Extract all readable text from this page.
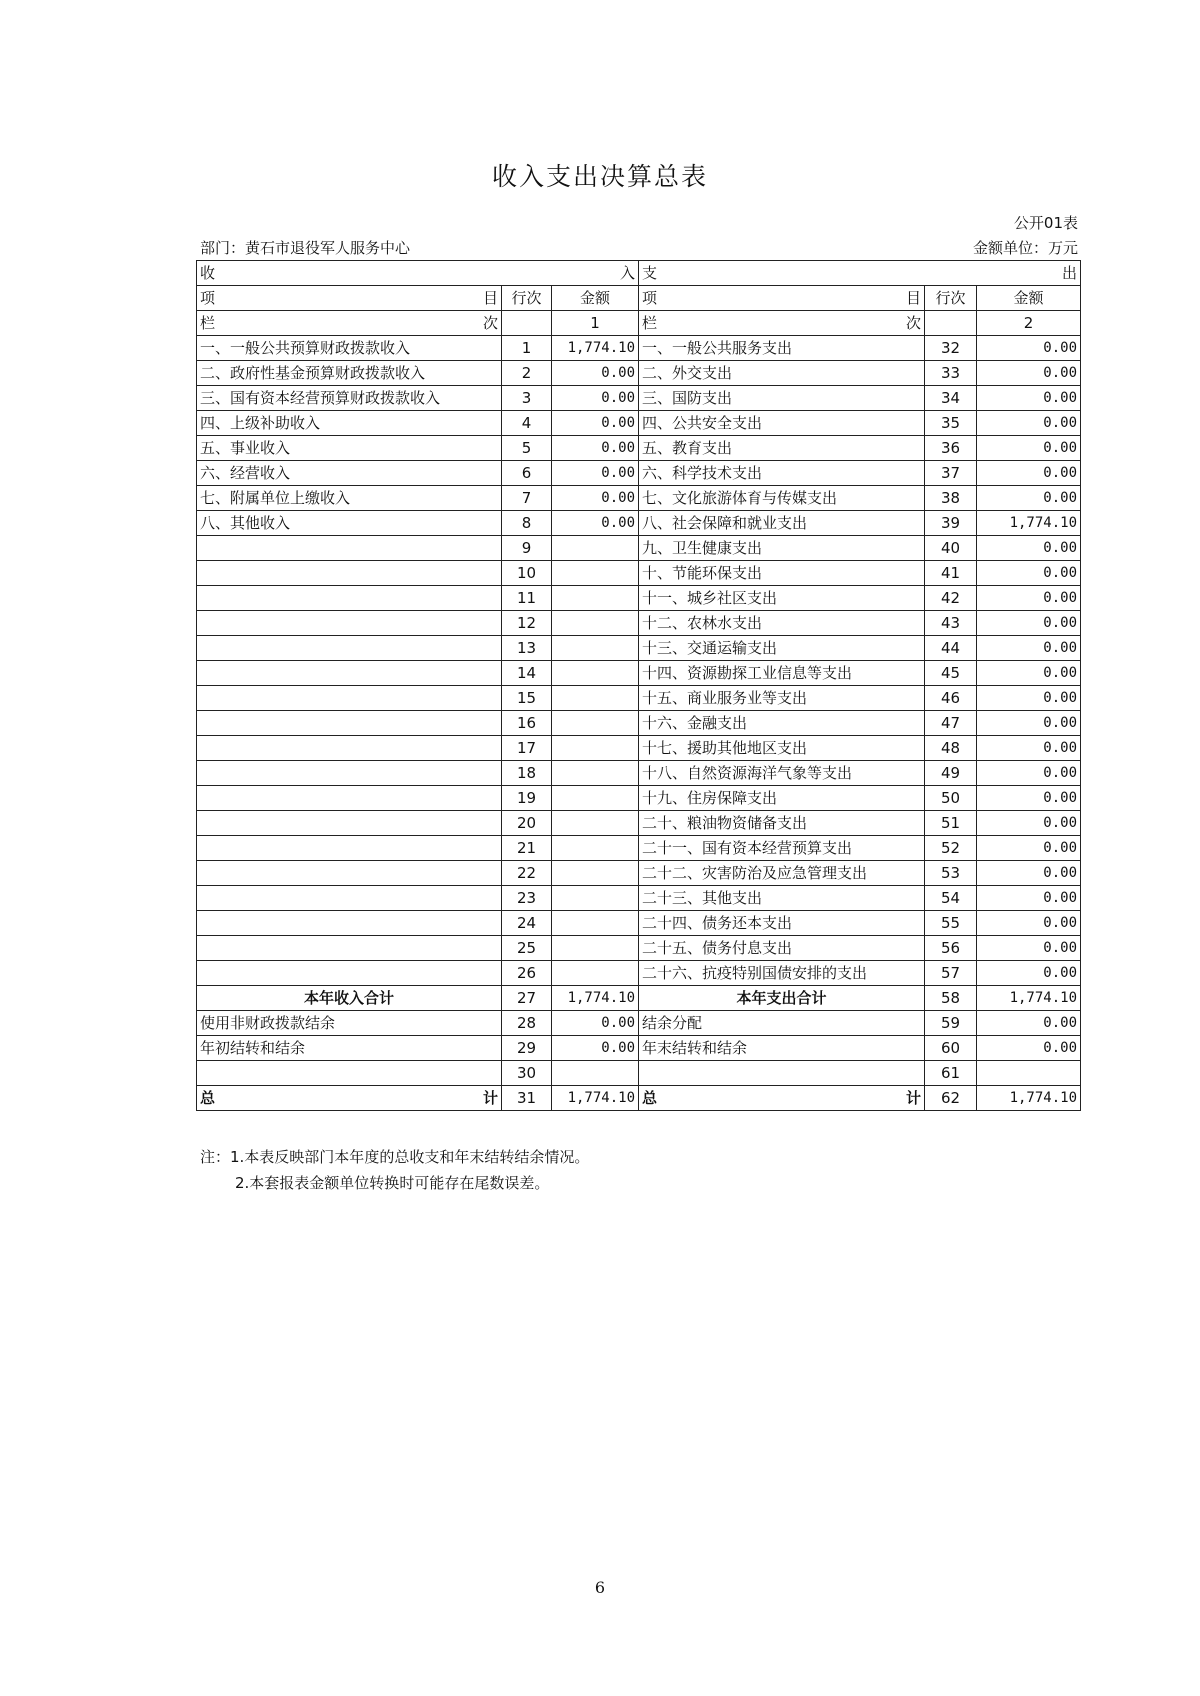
收入支出决算总表
公开01表
部门：黄石市退役军人服务中心	金额单位：万元
收 入			支 出		

项 目	行次	金额	项 目	行次	金额

栏 次		1	栏 次		2
一、一般公共预算财政拨款收入	1	1,774.10	一、一般公共服务支出	32	0.00
二、政府性基金预算财政拨款收入	2	0.00	二、外交支出	33	0.00
三、国有资本经营预算财政拨款收入	3	0.00	三、国防支出	34	0.00
四、上级补助收入	4	0.00	四、公共安全支出	35	0.00
五、事业收入	5	0.00	五、教育支出	36	0.00
六、经营收入	6	0.00	六、科学技术支出	37	0.00
七、附属单位上缴收入	7	0.00	七、文化旅游体育与传媒支出	38	0.00
八、其他收入	8	0.00	八、社会保障和就业支出	39	1,774.10
	9		九、卫生健康支出	40	0.00
	10		十、节能环保支出	41	0.00
	11		十一、城乡社区支出	42	0.00
	12		十二、农林水支出	43	0.00
	13		十三、交通运输支出	44	0.00
	14		十四、资源勘探工业信息等支出	45	0.00
	15		十五、商业服务业等支出	46	0.00
	16		十六、金融支出	47	0.00
	17		十七、援助其他地区支出	48	0.00
	18		十八、自然资源海洋气象等支出	49	0.00
	19		十九、住房保障支出	50	0.00
	20		二十、粮油物资储备支出	51	0.00
	21		二十一、国有资本经营预算支出	52	0.00
	22		二十二、灾害防治及应急管理支出	53	0.00
	23		二十三、其他支出	54	0.00
	24		二十四、债务还本支出	55	0.00
	25		二十五、债务付息支出	56	0.00
	26		二十六、抗疫特别国债安排的支出	57	0.00
本年收入合计	27	1,774.10	本年支出合计	58	1,774.10
使用非财政拨款结余	28	0.00	结余分配	59	0.00
年初结转和结余	29	0.00	年末结转和结余	60	0.00
	30			61	

总 计	31	1,774.10	总 计	62	1,774.10
注：1.本表反映部门本年度的总收支和年末结转结余情况。
2.本套报表金额单位转换时可能存在尾数误差。
6
